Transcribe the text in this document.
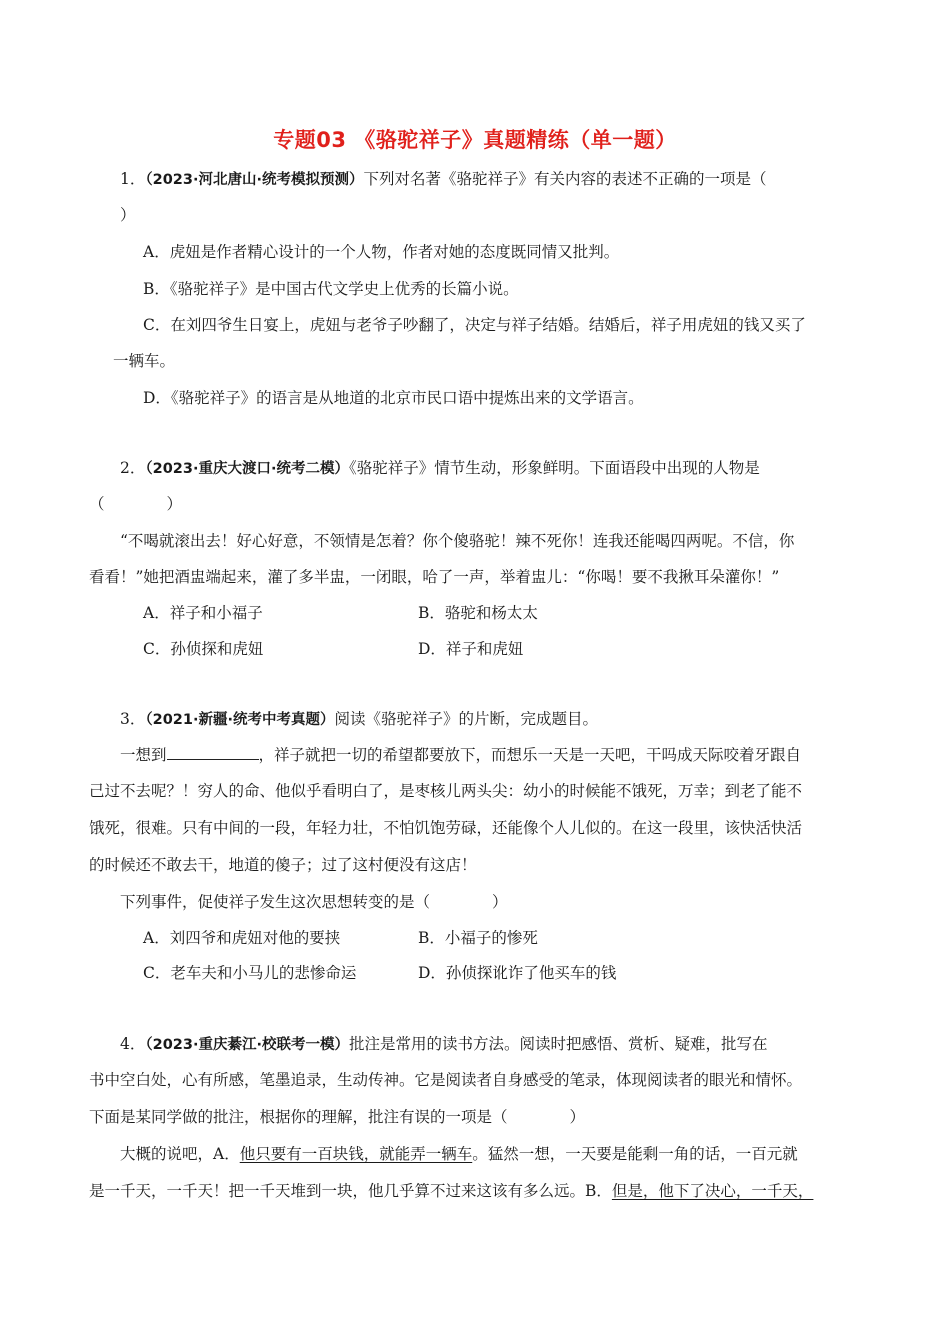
专题03 《骆驼祥子》真题精练（单一题）
1．（2023·河北唐山·统考模拟预测）下列对名著《骆驼祥子》有关内容的表述不正确的一项是（
）
A．虎妞是作者精心设计的一个人物，作者对她的态度既同情又批判。
B．《骆驼祥子》是中国古代文学史上优秀的长篇小说。
C．在刘四爷生日宴上，虎妞与老爷子吵翻了，决定与祥子结婚。结婚后，祥子用虎妞的钱又买了
一辆车。
D．《骆驼祥子》的语言是从地道的北京市民口语中提炼出来的文学语言。
2．（2023·重庆大渡口·统考二模）《骆驼祥子》情节生动，形象鲜明。下面语段中出现的人物是
（　　　　）
“不喝就滚出去！好心好意，不领情是怎着？你个傻骆驼！辣不死你！连我还能喝四两呢。不信，你
看看！”她把酒盅端起来，灌了多半盅，一闭眼，哈了一声，举着盅儿：“你喝！要不我揪耳朵灌你！”
A．祥子和小福子	B．骆驼和杨太太
C．孙侦探和虎妞	D．祥子和虎妞
3．（2021·新疆·统考中考真题）阅读《骆驼祥子》的片断，完成题目。
一想到	，祥子就把一切的希望都要放下，而想乐一天是一天吧，干吗成天际咬着牙跟自
己过不去呢？！穷人的命、他似乎看明白了，是枣核儿两头尖：幼小的时候能不饿死，万幸；到老了能不
饿死，很难。只有中间的一段，年轻力壮，不怕饥饱劳碌，还能像个人儿似的。在这一段里，该快活快活
的时候还不敢去干，地道的傻子；过了这村便没有这店！
下列事件，促使祥子发生这次思想转变的是（　　　　）
A．刘四爷和虎妞对他的要挟	B．小福子的惨死
C．老车夫和小马儿的悲惨命运	D．孙侦探讹诈了他买车的钱
4．（2023·重庆綦江·校联考一模）批注是常用的读书方法。阅读时把感悟、赏析、疑难，批写在
书中空白处，心有所感，笔墨追录，生动传神。它是阅读者自身感受的笔录，体现阅读者的眼光和情怀。
下面是某同学做的批注，根据你的理解，批注有误的一项是（　　　　）
大概的说吧，A．他只要有一百块钱，就能弄一辆车。猛然一想，一天要是能剩一角的话，一百元就
是一千天，一千天！把一千天堆到一块，他几乎算不过来这该有多么远。B．但是，他下了决心，一千天，
